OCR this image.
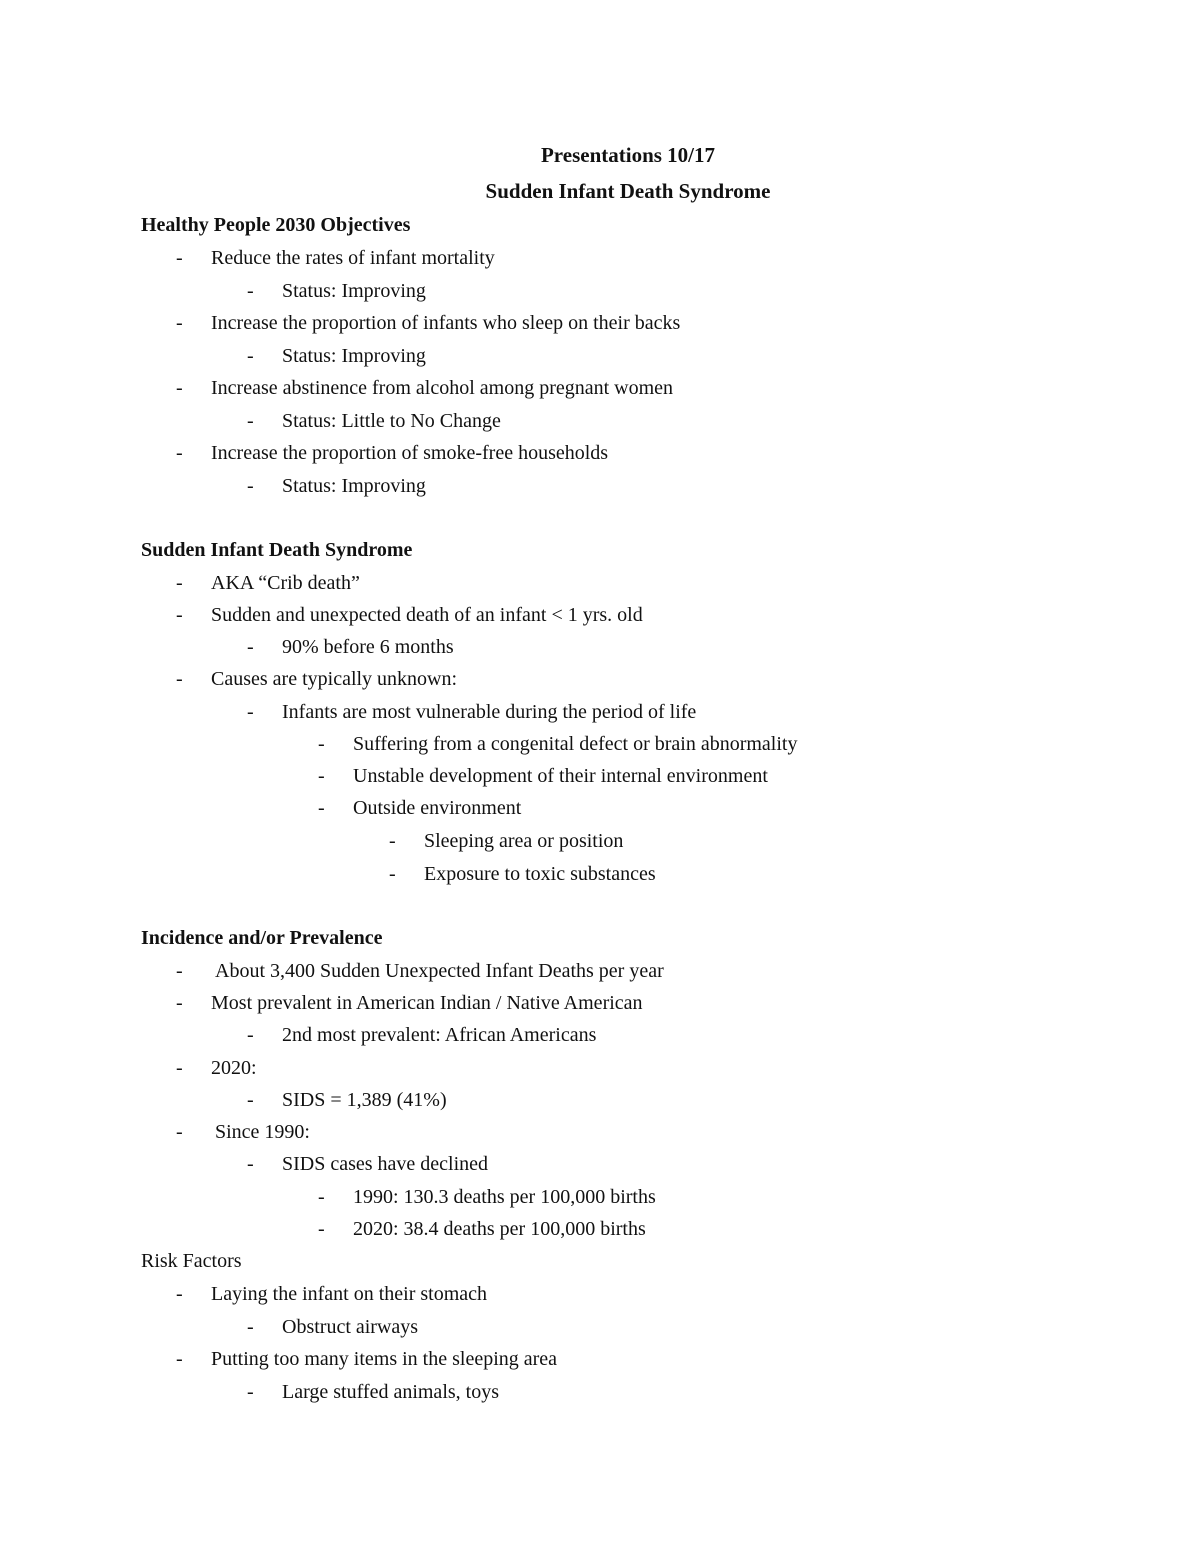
Presentations 10/17
Sudden Infant Death Syndrome
Healthy People 2030 Objectives
- Reduce the rates of infant mortality
- Status: Improving
- Increase the proportion of infants who sleep on their backs
- Status: Improving
- Increase abstinence from alcohol among pregnant women
- Status: Little to No Change
- Increase the proportion of smoke-free households
- Status: Improving
Sudden Infant Death Syndrome
- AKA “Crib death”
- Sudden and unexpected death of an infant < 1 yrs. old
- 90% before 6 months
- Causes are typically unknown:
- Infants are most vulnerable during the period of life
- Suffering from a congenital defect or brain abnormality
- Unstable development of their internal environment
- Outside environment
- Sleeping area or position
- Exposure to toxic substances
Incidence and/or Prevalence
- About 3,400 Sudden Unexpected Infant Deaths per year
- Most prevalent in American Indian / Native American
- 2nd most prevalent: African Americans
- 2020:
- SIDS = 1,389 (41%)
- Since 1990:
- SIDS cases have declined
- 1990: 130.3 deaths per 100,000 births
- 2020: 38.4 deaths per 100,000 births
Risk Factors
- Laying the infant on their stomach
- Obstruct airways
- Putting too many items in the sleeping area
- Large stuffed animals, toys
